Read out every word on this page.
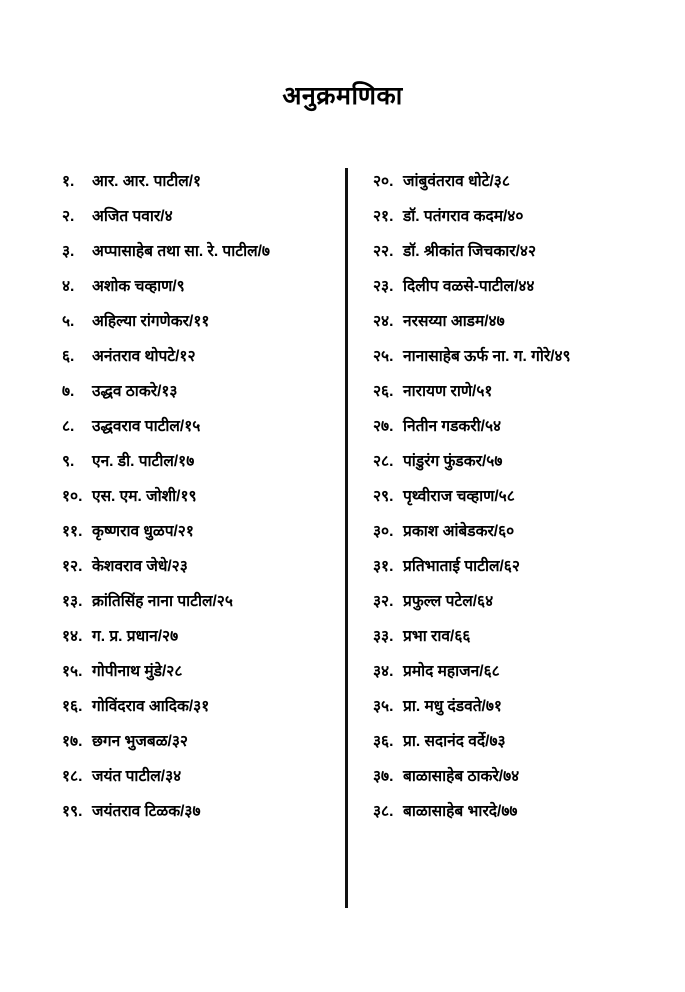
अनुक्रमणिका
१.	आर. आर. पाटील/१
२.	अजित पवार/४
३.	अप्पासाहेब तथा सा. रे. पाटील/७
४.	अशोक चव्हाण/९
५.	अहिल्या रांगणेकर/११
६.	अनंतराव थोपटे/१२
७.	उद्धव ठाकरे/१३
८.	उद्धवराव पाटील/१५
९.	एन. डी. पाटील/१७
१०. एस. एम. जोशी/१९
११. कृष्णराव धुळप/२१
१२. केशवराव जेधे/२३
१३. क्रांतिसिंह नाना पाटील/२५
१४. ग. प्र. प्रधान/२७
१५. गोपीनाथ मुंडे/२८
१६. गोविंदराव आदिक/३१
१७. छगन भुजबळ/३२
१८. जयंत पाटील/३४
१९. जयंतराव टिळक/३७
२०. जांबुवंतराव धोटे/३८
२१. डॉ. पतंगराव कदम/४०
२२. डॉ. श्रीकांत जिचकार/४२
२३. दिलीप वळसे-पाटील/४४
२४. नरसय्या आडम/४७
२५. नानासाहेब ऊर्फ ना. ग. गोरे/४९
२६. नारायण राणे/५१
२७. नितीन गडकरी/५४
२८. पांडुरंग फुंडकर/५७
२९. पृथ्वीराज चव्हाण/५८
३०. प्रकाश आंबेडकर/६०
३१. प्रतिभाताई पाटील/६२
३२. प्रफुल्ल पटेल/६४
३३. प्रभा राव/६६
३४. प्रमोद महाजन/६८
३५. प्रा. मधु दंडवते/७१
३६. प्रा. सदानंद वर्दे/७३
३७. बाळासाहेब ठाकरे/७४
३८. बाळासाहेब भारदे/७७
